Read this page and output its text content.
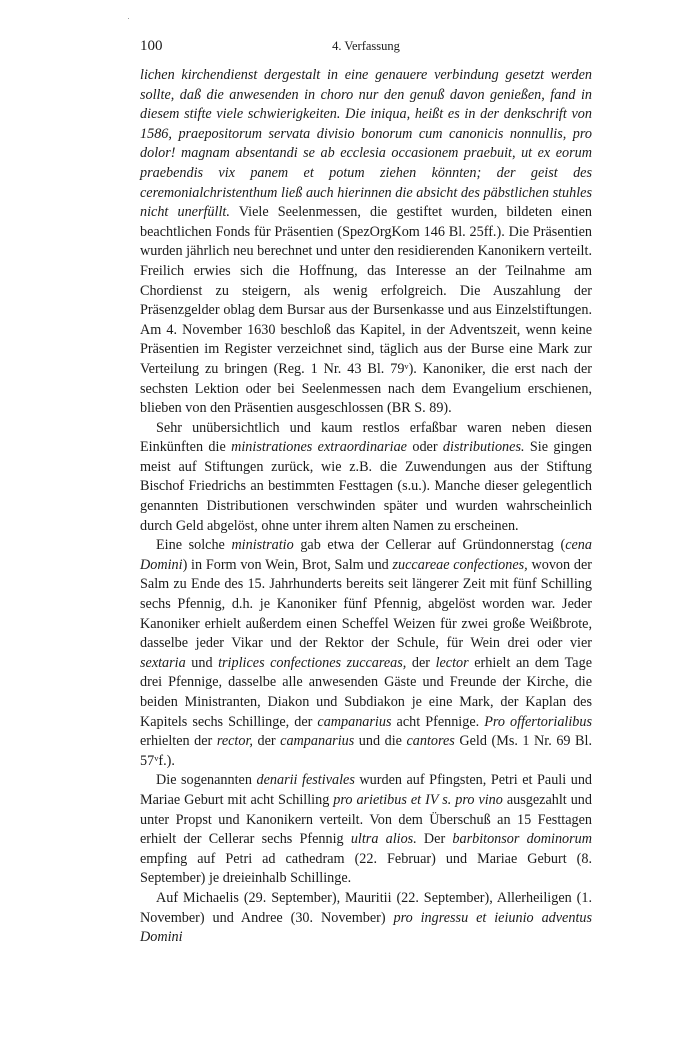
100	4. Verfassung

lichen kirchendienst dergestalt in eine genauere verbindung gesetzt werden sollte, daß die anwesenden in choro nur den genuß davon genießen, fand in diesem stifte viele schwierigkeiten. Die iniqua, heißt es in der denkschrift von 1586, praepositorum servata divisio bonorum cum canonicis nonnullis, pro dolor! magnam absentandi se ab ecclesia occasionem praebuit, ut ex eorum praebendis vix panem et potum ziehen könnten; der geist des ceremonialchristenthum ließ auch hierinnen die absicht des päbstlichen stuhles nicht unerfüllt. Viele Seelenmessen, die gestiftet wurden, bildeten einen beachtlichen Fonds für Präsentien (SpezOrgKom 146 Bl. 25ff.). Die Präsentien wurden jährlich neu berechnet und unter den residierenden Kanonikern verteilt. Freilich erwies sich die Hoffnung, das Interesse an der Teilnahme am Chordienst zu steigern, als wenig erfolgreich. Die Auszahlung der Präsenzgelder oblag dem Bursar aus der Bursenkasse und aus Einzelstiftungen. Am 4. November 1630 beschloß das Kapitel, in der Adventszeit, wenn keine Präsentien im Register verzeichnet sind, täglich aus der Burse eine Mark zur Verteilung zu bringen (Reg. 1 Nr. 43 Bl. 79ᵛ). Kanoniker, die erst nach der sechsten Lektion oder bei Seelenmessen nach dem Evangelium erschienen, blieben von den Präsentien ausgeschlossen (BR S. 89).

Sehr unübersichtlich und kaum restlos erfaßbar waren neben diesen Einkünften die ministrationes extraordinariae oder distributiones. Sie gingen meist auf Stiftungen zurück, wie z.B. die Zuwendungen aus der Stiftung Bischof Friedrichs an bestimmten Festtagen (s.u.). Manche dieser gelegentlich genannten Distributionen verschwinden später und wurden wahrscheinlich durch Geld abgelöst, ohne unter ihrem alten Namen zu erscheinen.

Eine solche ministratio gab etwa der Cellerar auf Gründonnerstag (cena Domini) in Form von Wein, Brot, Salm und zuccareae confectiones, wovon der Salm zu Ende des 15. Jahrhunderts bereits seit längerer Zeit mit fünf Schilling sechs Pfennig, d.h. je Kanoniker fünf Pfennig, abgelöst worden war. Jeder Kanoniker erhielt außerdem einen Scheffel Weizen für zwei große Weißbrote, dasselbe jeder Vikar und der Rektor der Schule, für Wein drei oder vier sextaria und triplices confectiones zuccareas, der lector erhielt an dem Tage drei Pfennige, dasselbe alle anwesenden Gäste und Freunde der Kirche, die beiden Ministranten, Diakon und Subdiakon je eine Mark, der Kaplan des Kapitels sechs Schillinge, der campanarius acht Pfennige. Pro offertorialibus erhielten der rector, der campanarius und die cantores Geld (Ms. 1 Nr. 69 Bl. 57ᵛf.).

Die sogenannten denarii festivales wurden auf Pfingsten, Petri et Pauli und Mariae Geburt mit acht Schilling pro arietibus et IV s. pro vino ausgezahlt und unter Propst und Kanonikern verteilt. Von dem Überschuß an 15 Festtagen erhielt der Cellerar sechs Pfennig ultra alios. Der barbitonsor dominorum empfing auf Petri ad cathedram (22. Februar) und Mariae Geburt (8. September) je dreieinhalb Schillinge.

Auf Michaelis (29. September), Mauritii (22. September), Allerheiligen (1. November) und Andree (30. November) pro ingressu et ieiunio adventus Domini
